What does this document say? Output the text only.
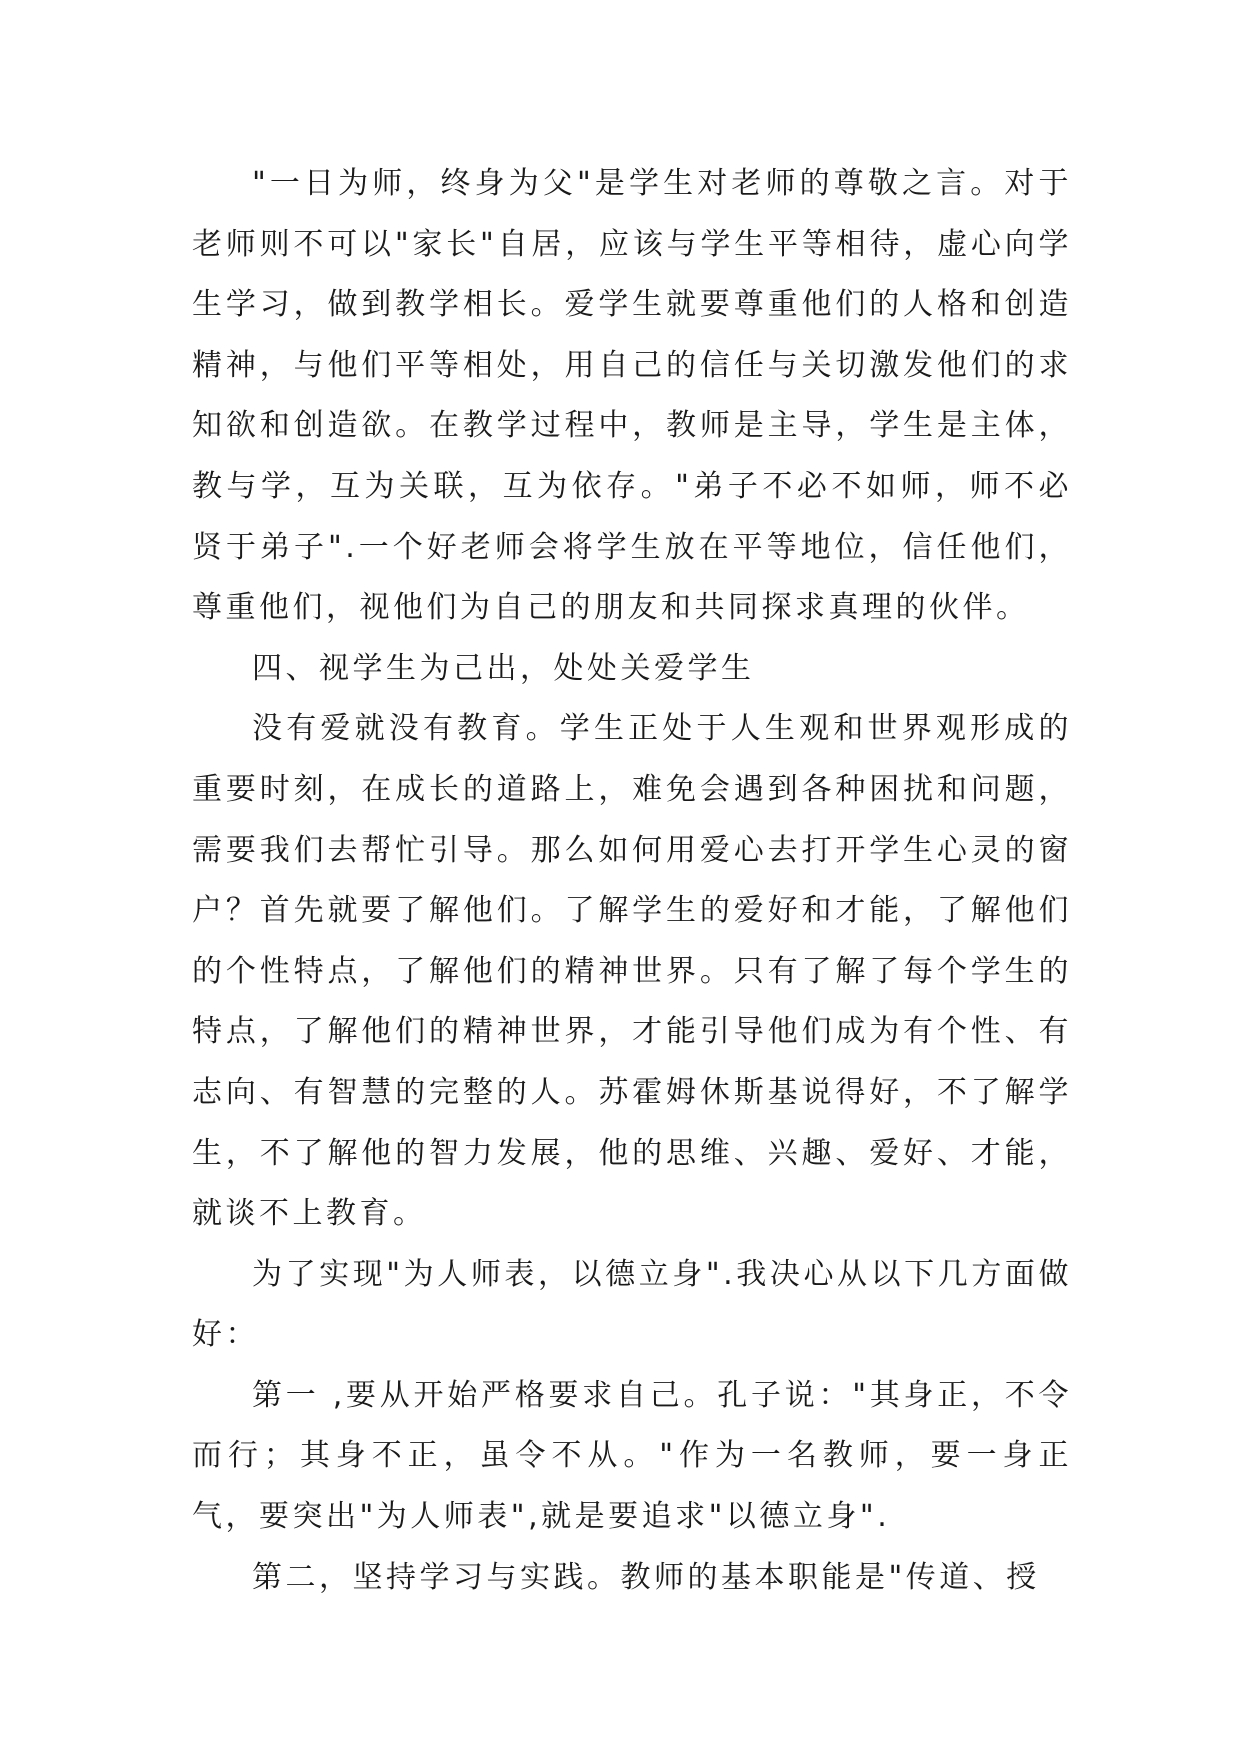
"一日为师，终身为父"是学生对老师的尊敬之言。对于老师则不可以"家长"自居，应该与学生平等相待，虚心向学生学习，做到教学相长。爱学生就要尊重他们的人格和创造精神，与他们平等相处，用自己的信任与关切激发他们的求知欲和创造欲。在教学过程中，教师是主导，学生是主体，教与学，互为关联，互为依存。"弟子不必不如师，师不必贤于弟子".一个好老师会将学生放在平等地位，信任他们，尊重他们，视他们为自己的朋友和共同探求真理的伙伴。

四、视学生为己出，处处关爱学生

没有爱就没有教育。学生正处于人生观和世界观形成的重要时刻，在成长的道路上，难免会遇到各种困扰和问题，需要我们去帮忙引导。那么如何用爱心去打开学生心灵的窗户？首先就要了解他们。了解学生的爱好和才能，了解他们的个性特点，了解他们的精神世界。只有了解了每个学生的特点，了解他们的精神世界，才能引导他们成为有个性、有志向、有智慧的完整的人。苏霍姆休斯基说得好，不了解学生，不了解他的智力发展，他的思维、兴趣、爱好、才能，就谈不上教育。

为了实现"为人师表，以德立身".我决心从以下几方面做好：

第一 ,要从开始严格要求自己。孔子说："其身正，不令而行；其身不正，虽令不从。"作为一名教师，要一身正气，要突出"为人师表",就是要追求"以德立身".

第二，坚持学习与实践。教师的基本职能是"传道、授
